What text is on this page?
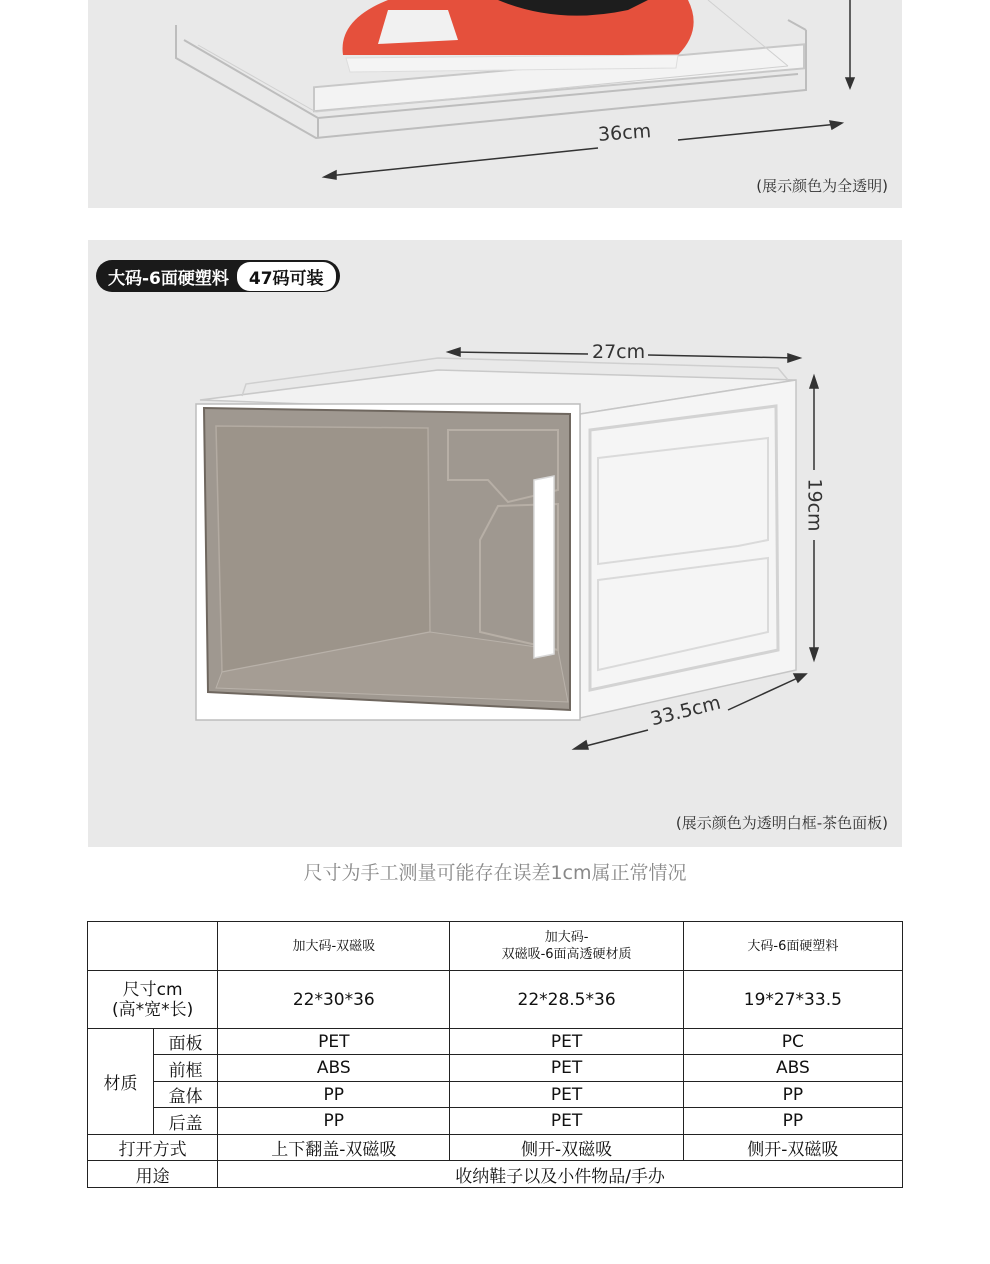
36cm
(展示颜色为全透明)
大码-6面硬塑料	47码可装
27cm
19cm
33.5cm
(展示颜色为透明白框-茶色面板)
尺寸为手工测量可能存在误差1cm属正常情况
		加大码-双磁吸	加大码-
双磁吸-6面高透硬材质	大码-6面硬塑料
尺寸cm
(高*宽*长)		22*30*36	22*28.5*36	19*27*33.5
材质	面板	PET	PET	PC
	前框	ABS	PET	ABS
	盒体	PP	PET	PP
	后盖	PP	PET	PP
打开方式		上下翻盖-双磁吸	侧开-双磁吸	侧开-双磁吸
用途		收纳鞋子以及小件物品/手办		
